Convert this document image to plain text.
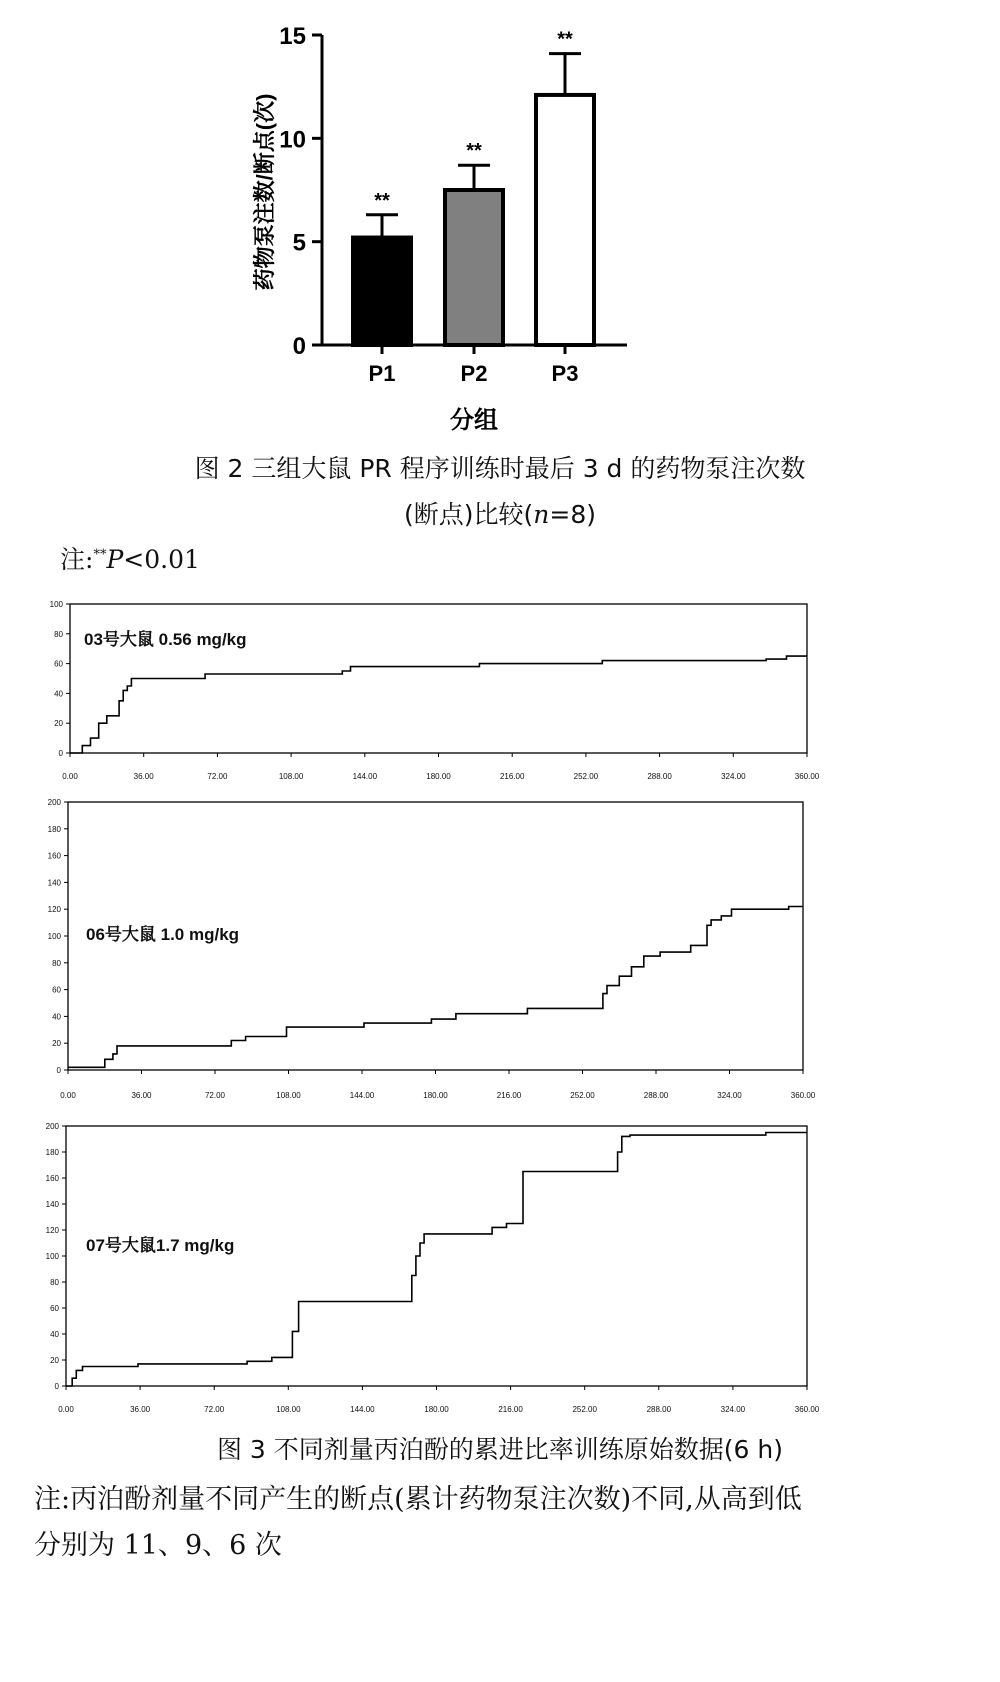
药物泵注数/断点(次)
分组
0
5
10
15
P1
**
P2
**
P3
**
图 2 三组大鼠 PR 程序训练时最后 3 d 的药物泵注次数
(断点)比较(n=8)
注:**P<0.01
0
20
40
60
80
100
0.00	36.00	72.00	108.00	144.00	180.00	216.00	252.00	288.00	324.00	360.00
03号大鼠 0.56 mg/kg
0
20
40
60
80
100
120
140
160
180
200
0.00	36.00	72.00	108.00	144.00	180.00	216.00	252.00	288.00	324.00	360.00
06号大鼠 1.0 mg/kg
0
20
40
60
80
100
120
140
160
180
200
0.00	36.00	72.00	108.00	144.00	180.00	216.00	252.00	288.00	324.00	360.00
07号大鼠1.7 mg/kg
图 3 不同剂量丙泊酚的累进比率训练原始数据(6 h)
注:丙泊酚剂量不同产生的断点(累计药物泵注次数)不同,从高到低
分别为 11、9、6 次
